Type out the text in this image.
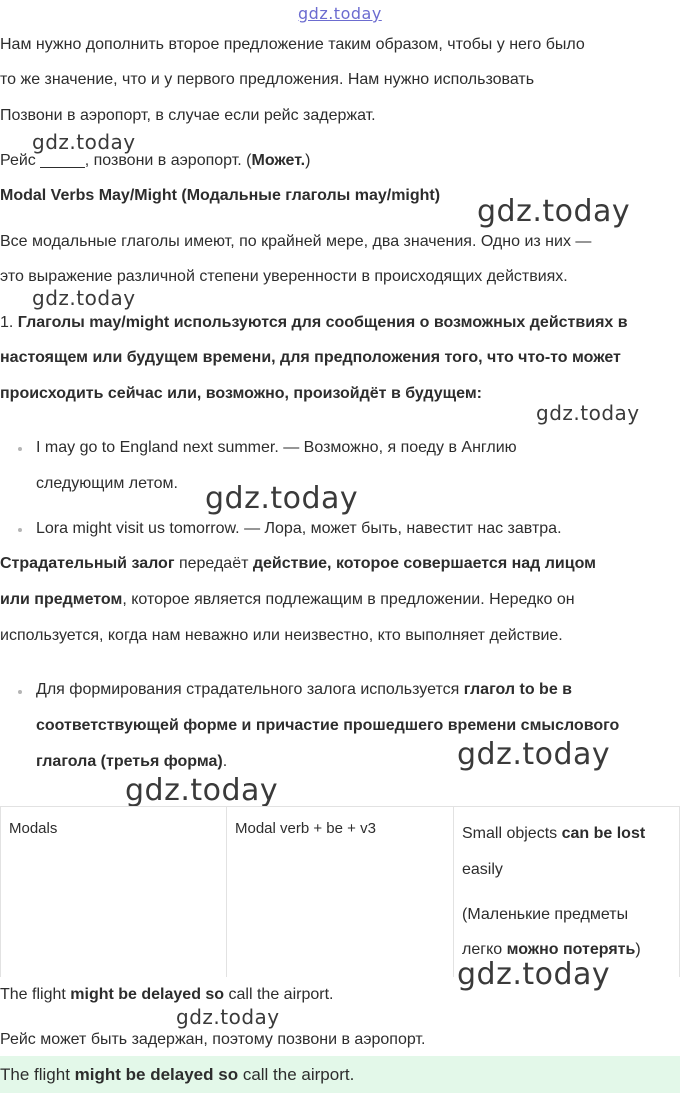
gdz.today
gdz.today
gdz.today
gdz.today
gdz.today
gdz.today
gdz.today
gdz.today
gdz.today
gdz.today
Нам нужно дополнить второе предложение таким образом, чтобы у него было
то же значение, что и у первого предложения. Нам нужно использовать
Позвони в аэропорт, в случае если рейс задержат.
Рейс _____, позвони в аэропорт. (Может.)
Modal Verbs May/Might (Модальные глаголы may/might)
Все модальные глаголы имеют, по крайней мере, два значения. Одно из них —
это выражение различной степени уверенности в происходящих действиях.
1. Глаголы may/might используются для сообщения о возможных действиях в
настоящем или будущем времени, для предположения того, что что-то может
происходить сейчас или, возможно, произойдёт в будущем:
I may go to England next summer. — Возможно, я поеду в Англию
следующим летом.
Lora might visit us tomorrow. — Лора, может быть, навестит нас завтра.
Страдательный залог передаёт действие, которое совершается над лицом
или предметом, которое является подлежащим в предложении. Нередко он
используется, когда нам неважно или неизвестно, кто выполняет действие.
Для формирования страдательного залога используется глагол to be в
соответствующей форме и причастие прошедшего времени смыслового
глагола (третья форма).
Modals	Modal verb + be + v3	Small objects can be lost
easily
(Маленькие предметы
легко можно потерять)
The flight might be delayed so call the airport.
Рейс может быть задержан, поэтому позвони в аэропорт.
The flight might be delayed so call the airport.
